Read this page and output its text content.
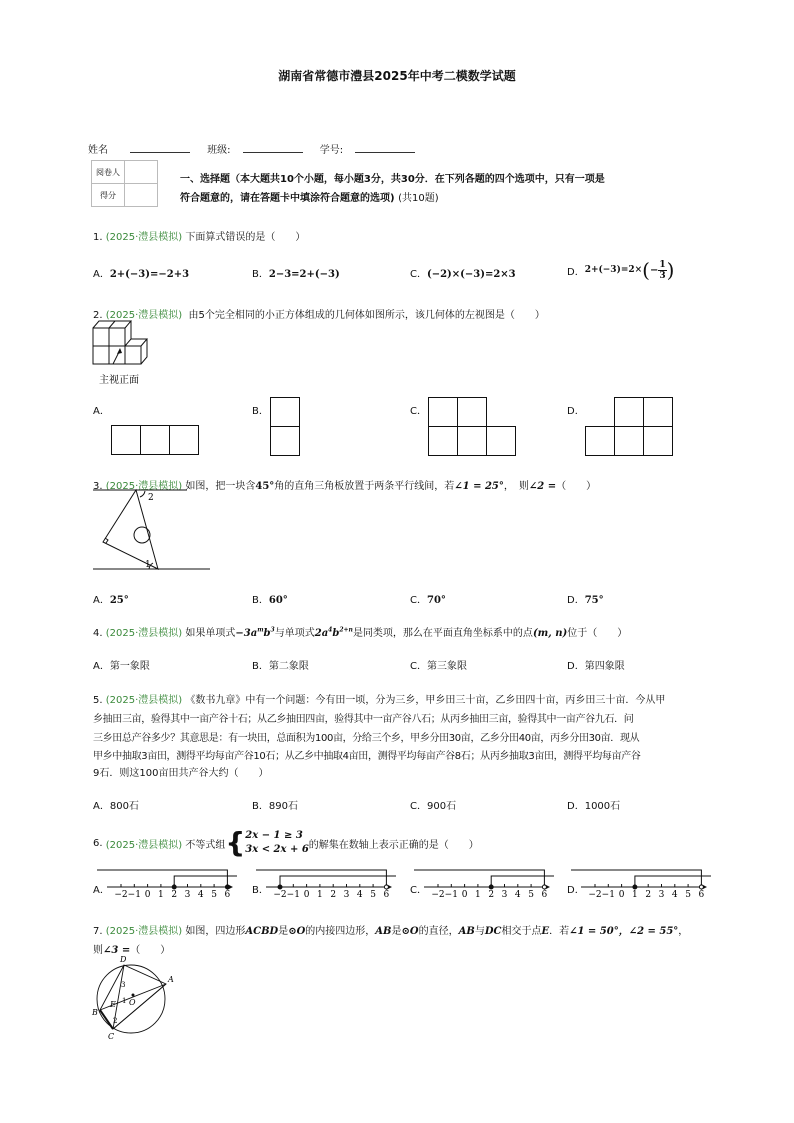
湖南省常德市澧县2025年中考二模数学试题
姓名	班级:	学号:
阅卷人	
得分	
一、选择题（本大题共10个小题，每小题3分，共30分．在下列各题的四个选项中，只有一项是
符合题意的，请在答题卡中填涂符合题意的选项) (共10题)
1. (2025·澧县模拟) 下面算式错误的是（　　）
A．2+(−3)=−2+3	B．2−3=2+(−3)	C．(−2)×(−3)=2×3	D． 2+(−3)=2× ( − $\frac{1}{3}$ )
2. (2025·澧县模拟) 由5个完全相同的小正方体组成的几何体如图所示，该几何体的左视图是（　　）
主视正面
A．	B．	C．	D．
3. (2025·澧县模拟) 如图，把一块含45°角的直角三角板放置于两条平行线间，若∠1 = 25°，　则∠2 =（　　）
2
1
A．25°	B．60°	C．70°	D．75°
4. (2025·澧县模拟) 如果单项式$-3a^mb^3$与单项式$2a^4b^{2+n}$是同类项，那么在平面直角坐标系中的点(m, n)位于（　　）
A．第一象限	B．第二象限	C．第三象限	D．第四象限
5. (2025·澧县模拟) 《数书九章》中有一个问题：今有田一顷，分为三乡，甲乡田三十亩，乙乡田四十亩，丙乡田三十亩．今从甲
乡抽田三亩，验得其中一亩产谷十石；从乙乡抽田四亩，验得其中一亩产谷八石；从丙乡抽田三亩，验得其中一亩产谷九石．问
三乡田总产谷多少？其意思是：有一块田，总面积为100亩，分给三个乡，甲乡分田30亩，乙乡分田40亩，丙乡分田30亩．现从
甲乡中抽取3亩田，测得平均每亩产谷10石；从乙乡中抽取4亩田，测得平均每亩产谷8石；从丙乡抽取3亩田，测得平均每亩产谷
9石．则这100亩田共产谷大约（　　）
A．800石	B．890石	C．900石	D．1000石
6.
(2025·澧县模拟)
不等式组 { 2x − 1 ≥ 3
3x < 2x + 6 的解集在数轴上表示正确的是（　　）
A． −2 −1 0 1 2 3 4 5 6 B． −2 −1 0 1 2 3 4 5 6 C． −2 −1 0 1 2 3 4 5 6 D． −2 −1 0 1 2 3 4 5 6
7. (2025·澧县模拟) 如图，四边形ACBD是⊙O的内接四边形，AB是⊙O的直径，AB与DC相交于点E．若∠1 = 50°，∠2 = 55°，
则∠3 =（　　）
D
A
B
C
E O
3
1
2
